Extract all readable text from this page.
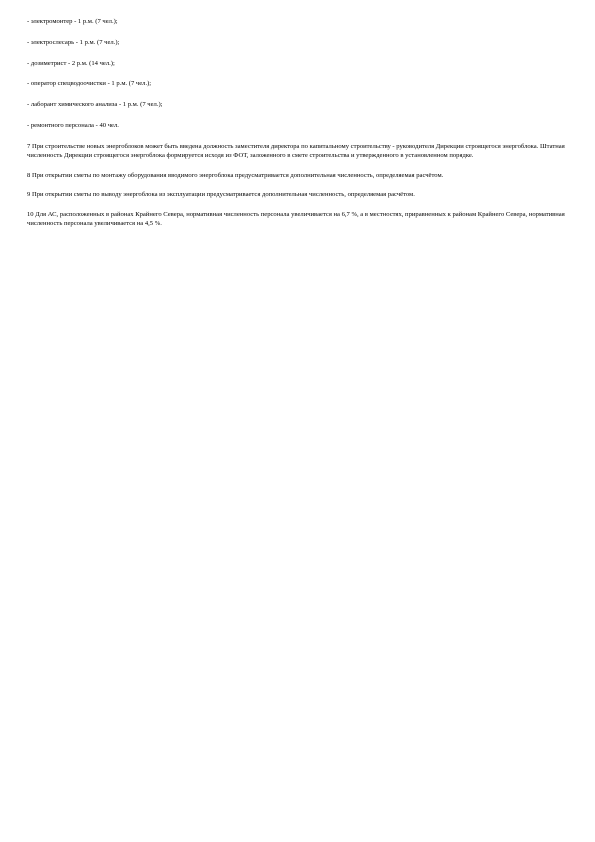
- электромонтер - 1 р.м. (7 чел.);
- электрослесарь - 1 р.м. (7 чел.);
- дозиметрист - 2 р.м. (14 чел.);
- оператор спецводоочистки - 1 р.м. (7 чел.);
- лаборант химического анализа - 1 р.м. (7 чел.);
- ремонтного персонала - 40 чел.

7 При строительстве новых энергоблоков может быть введена должность заместителя директора по капитальному строительству - руководителя Дирекции строящегося энергоблока. Штатная численность Дирекции строящегося энергоблока формируется исходя из ФОТ, заложенного в смете строительства и утвержденного в установленном порядке.

8 При открытии сметы по монтажу оборудования вводимого энергоблока предусматривается дополнительная численность, определяемая расчётом.

9 При открытии сметы по выводу энергоблока из эксплуатации предусматривается дополнительная численность, определяемая расчётом.

10 Для АС, расположенных в районах Крайнего Севера, нормативная численность персонала увеличивается на 6,7 %, а в местностях, приравненных к районам Крайнего Севера, нормативная численность персонала увеличивается на 4,5 %.
